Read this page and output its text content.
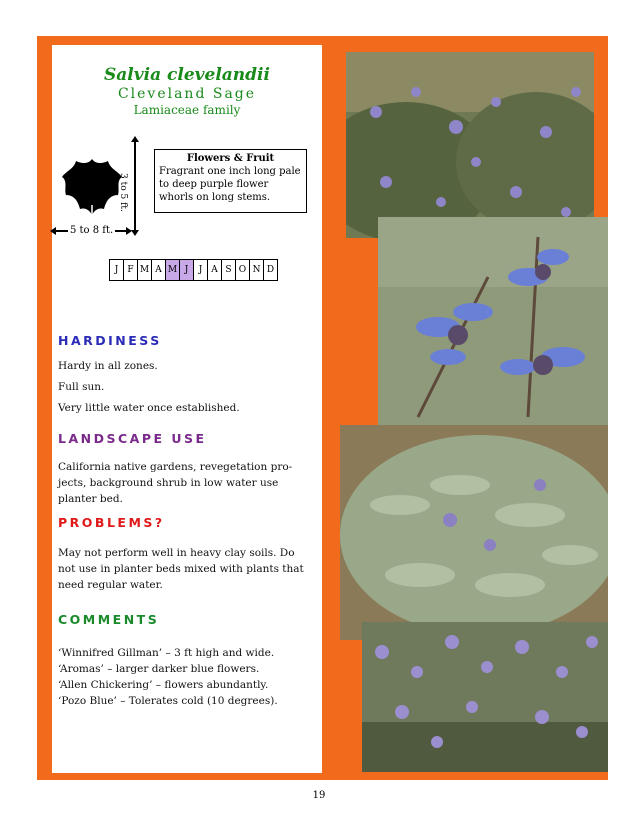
Salvia clevelandii
Cleveland Sage
Lamiaceae family
3 to 5 ft.
5 to 8 ft.
Flowers & Fruit
Fragrant one inch long pale to deep purple flower whorls on long stems.
J	F M A M J	J A S O N D
HARDINESS

Hardy in all zones.

Full sun.

Very little water once established.

LANDSCAPE USE
California native gardens, revegetation pro-jects, background shrub in low water use planter bed.
PROBLEMS?
May not perform well in heavy clay soils. Do not use in planter beds mixed with plants that need regular water.
COMMENTS

‘Winnifred Gillman’ – 3 ft high and wide.

‘Aromas’ – larger darker blue flowers.

‘Allen Chickering’ – flowers abundantly.

‘Pozo Blue’ – Tolerates cold (10 degrees).

19
